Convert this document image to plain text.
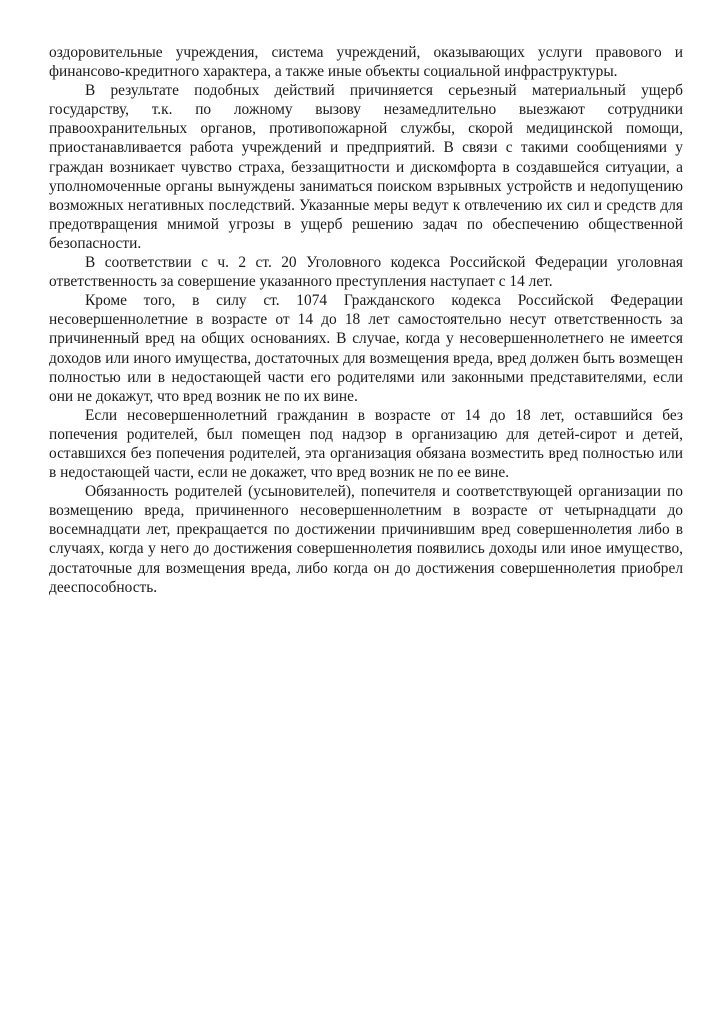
оздоровительные учреждения, система учреждений, оказывающих услуги правового и финансово-кредитного характера, а также иные объекты социальной инфраструктуры.

В результате подобных действий причиняется серьезный материальный ущерб государству, т.к. по ложному вызову незамедлительно выезжают сотрудники правоохранительных органов, противопожарной службы, скорой медицинской помощи, приостанавливается работа учреждений и предприятий. В связи с такими сообщениями у граждан возникает чувство страха, беззащитности и дискомфорта в создавшейся ситуации, а уполномоченные органы вынуждены заниматься поиском взрывных устройств и недопущению возможных негативных последствий. Указанные меры ведут к отвлечению их сил и средств для предотвращения мнимой угрозы в ущерб решению задач по обеспечению общественной безопасности.

В соответствии с ч. 2 ст. 20 Уголовного кодекса Российской Федерации уголовная ответственность за совершение указанного преступления наступает с 14 лет.

Кроме того, в силу ст. 1074 Гражданского кодекса Российской Федерации несовершеннолетние в возрасте от 14 до 18 лет самостоятельно несут ответственность за причиненный вред на общих основаниях. В случае, когда у несовершеннолетнего не имеется доходов или иного имущества, достаточных для возмещения вреда, вред должен быть возмещен полностью или в недостающей части его родителями или законными представителями, если они не докажут, что вред возник не по их вине.

Если несовершеннолетний гражданин в возрасте от 14 до 18 лет, оставшийся без попечения родителей, был помещен под надзор в организацию для детей-сирот и детей, оставшихся без попечения родителей, эта организация обязана возместить вред полностью или в недостающей части, если не докажет, что вред возник не по ее вине.

Обязанность родителей (усыновителей), попечителя и соответствующей организации по возмещению вреда, причиненного несовершеннолетним в возрасте от четырнадцати до восемнадцати лет, прекращается по достижении причинившим вред совершеннолетия либо в случаях, когда у него до достижения совершеннолетия появились доходы или иное имущество, достаточные для возмещения вреда, либо когда он до достижения совершеннолетия приобрел дееспособность.
